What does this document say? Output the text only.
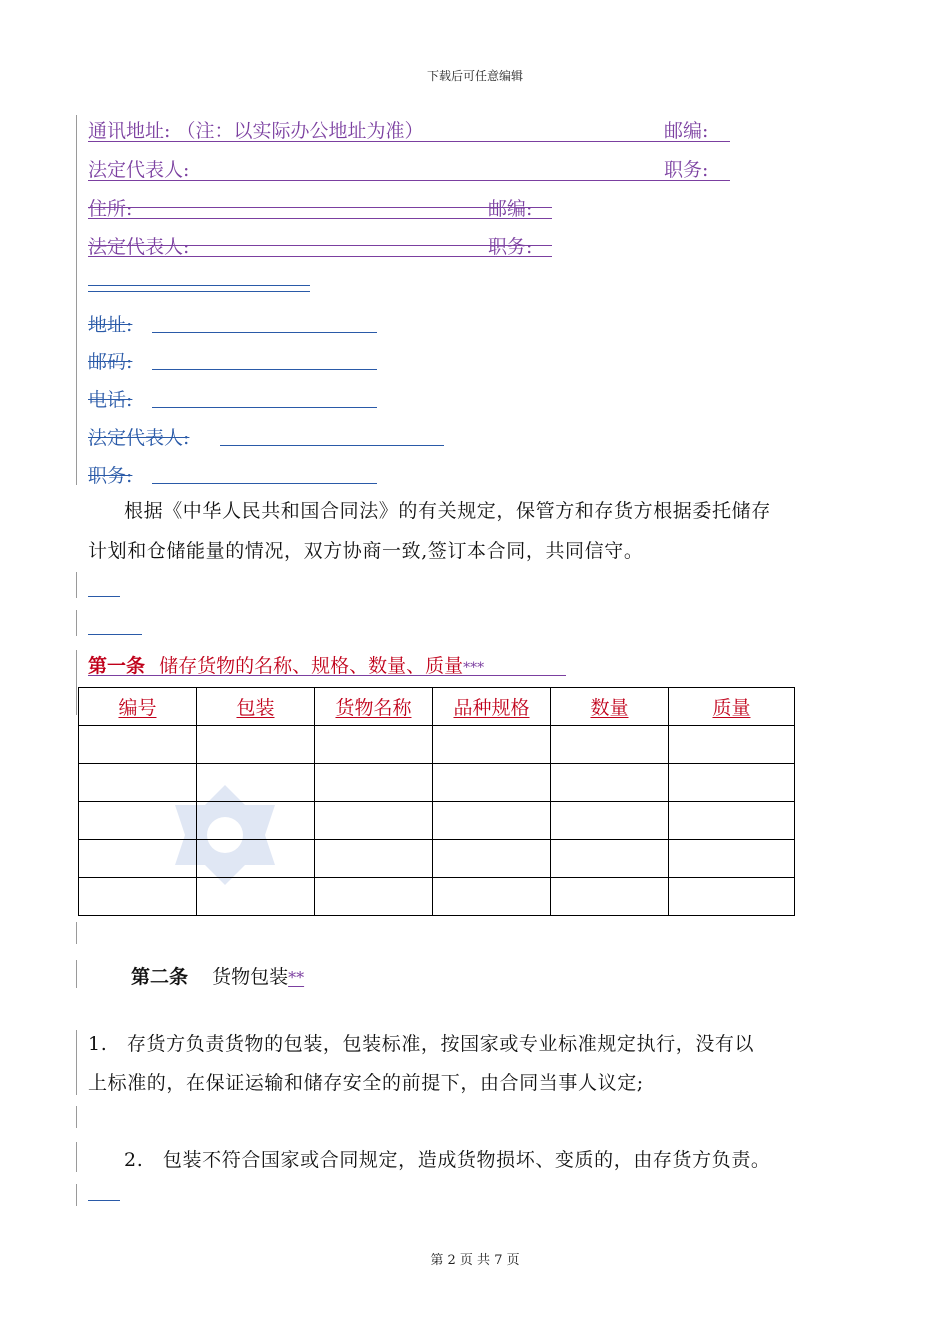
下载后可任意编辑
通讯地址: （注：以实际办公地址为准）	邮编:
法定代表人:	职务:
住所:	邮编:
法定代表人:	职务:
地址:
邮码:
电话:
法定代表人:
职务:
根据《中华人民共和国合同法》的有关规定，保管方和存货方根据委托储存
计划和仓储能量的情况，双方协商一致,签订本合同，共同信守。
第一条 储存货物的名称、规格、数量、质量***
编号	包装	货物名称	品种规格	数量	质量

第二条 货物包装**
1.　存货方负责货物的包装，包装标准，按国家或专业标准规定执行，没有以
上标准的，在保证运输和储存安全的前提下，由合同当事人议定;
2.　包装不符合国家或合同规定，造成货物损坏、变质的，由存货方负责。
第 2 页 共 7 页
